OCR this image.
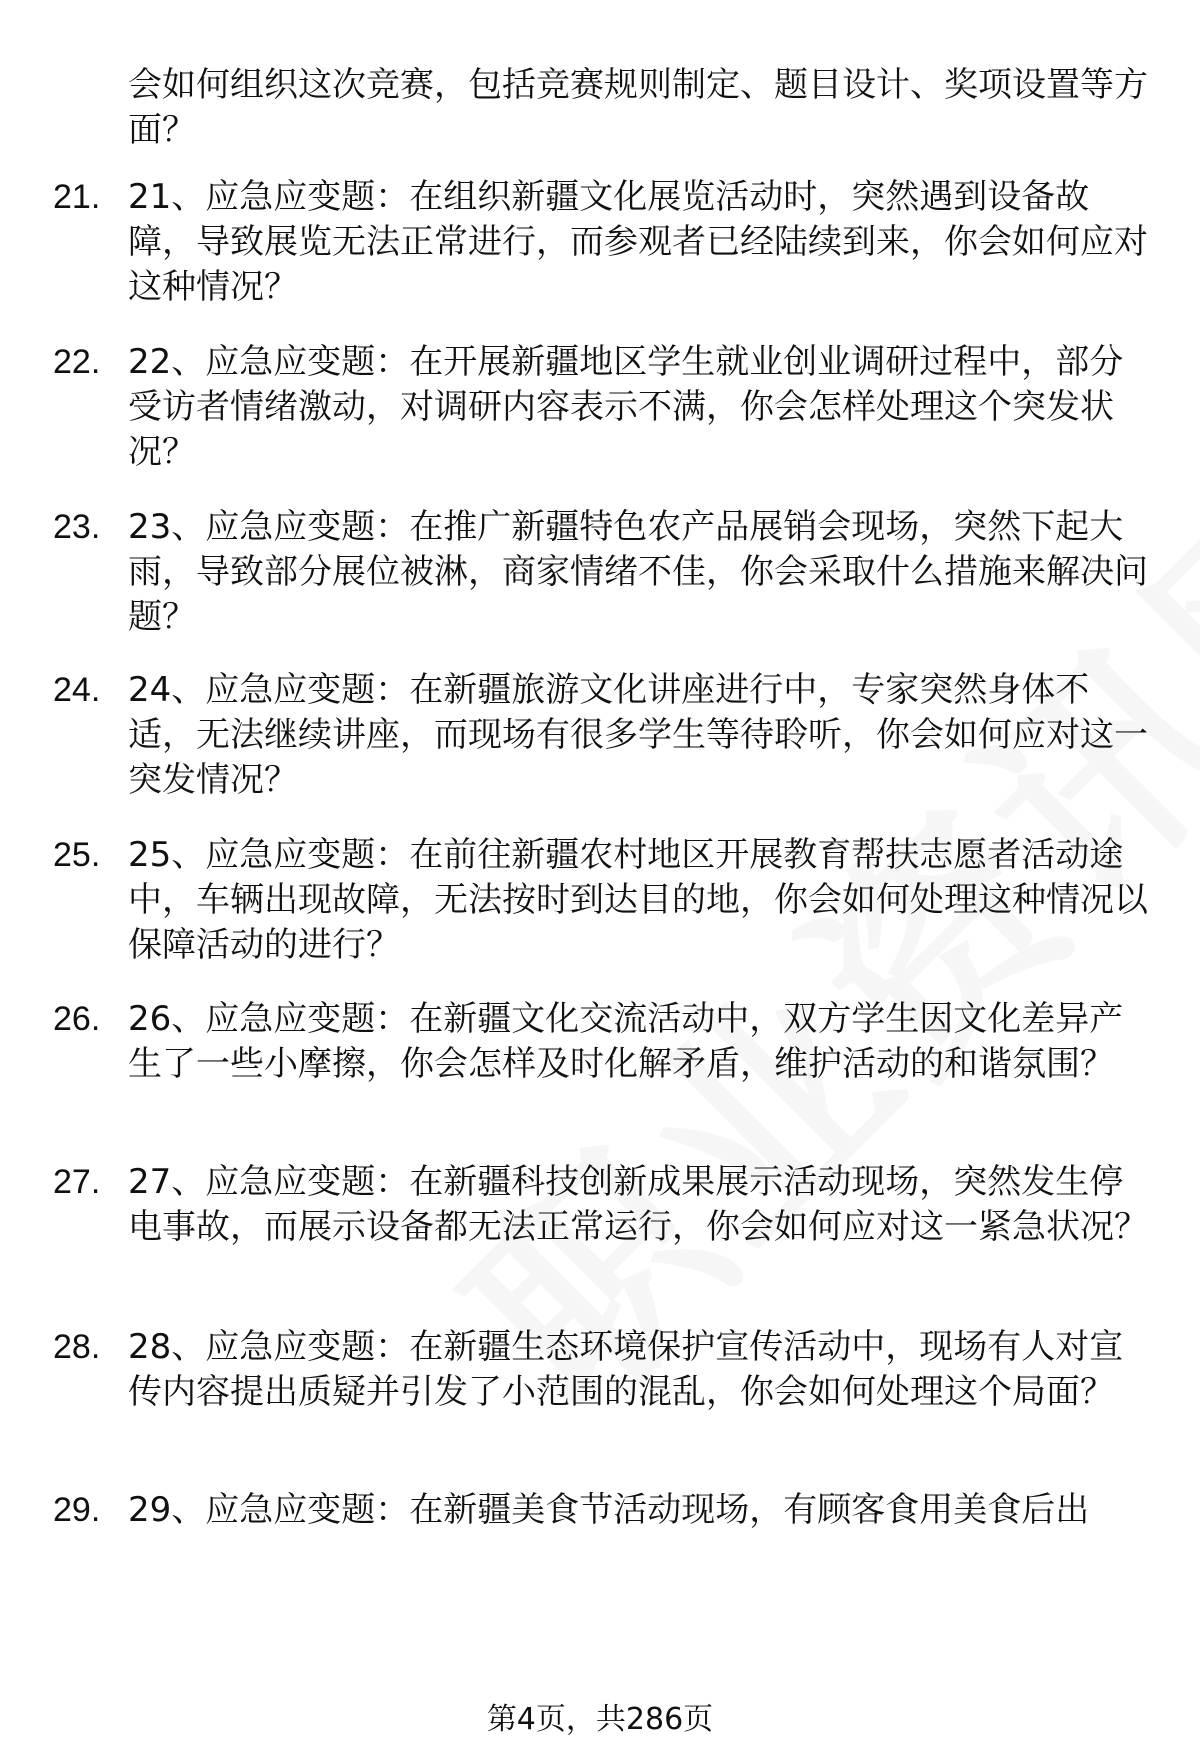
会如何组织这次竞赛，包括竞赛规则制定、题目设计、奖项设置等方面？
21. 21、应急应变题：在组织新疆文化展览活动时，突然遇到设备故障，导致展览无法正常进行，而参观者已经陆续到来，你会如何应对这种情况？
22. 22、应急应变题：在开展新疆地区学生就业创业调研过程中，部分受访者情绪激动，对调研内容表示不满，你会怎样处理这个突发状况？
23. 23、应急应变题：在推广新疆特色农产品展销会现场，突然下起大雨，导致部分展位被淋，商家情绪不佳，你会采取什么措施来解决问题？
24. 24、应急应变题：在新疆旅游文化讲座进行中，专家突然身体不适，无法继续讲座，而现场有很多学生等待聆听，你会如何应对这一突发情况？
25. 25、应急应变题：在前往新疆农村地区开展教育帮扶志愿者活动途中，车辆出现故障，无法按时到达目的地，你会如何处理这种情况以保障活动的进行？
26. 26、应急应变题：在新疆文化交流活动中，双方学生因文化差异产生了一些小摩擦，你会怎样及时化解矛盾，维护活动的和谐氛围？
27. 27、应急应变题：在新疆科技创新成果展示活动现场，突然发生停电事故，而展示设备都无法正常运行，你会如何应对这一紧急状况？
28. 28、应急应变题：在新疆生态环境保护宣传活动中，现场有人对宣传内容提出质疑并引发了小范围的混乱，你会如何处理这个局面？
29. 29、应急应变题：在新疆美食节活动现场，有顾客食用美食后出
第4页，共286页
